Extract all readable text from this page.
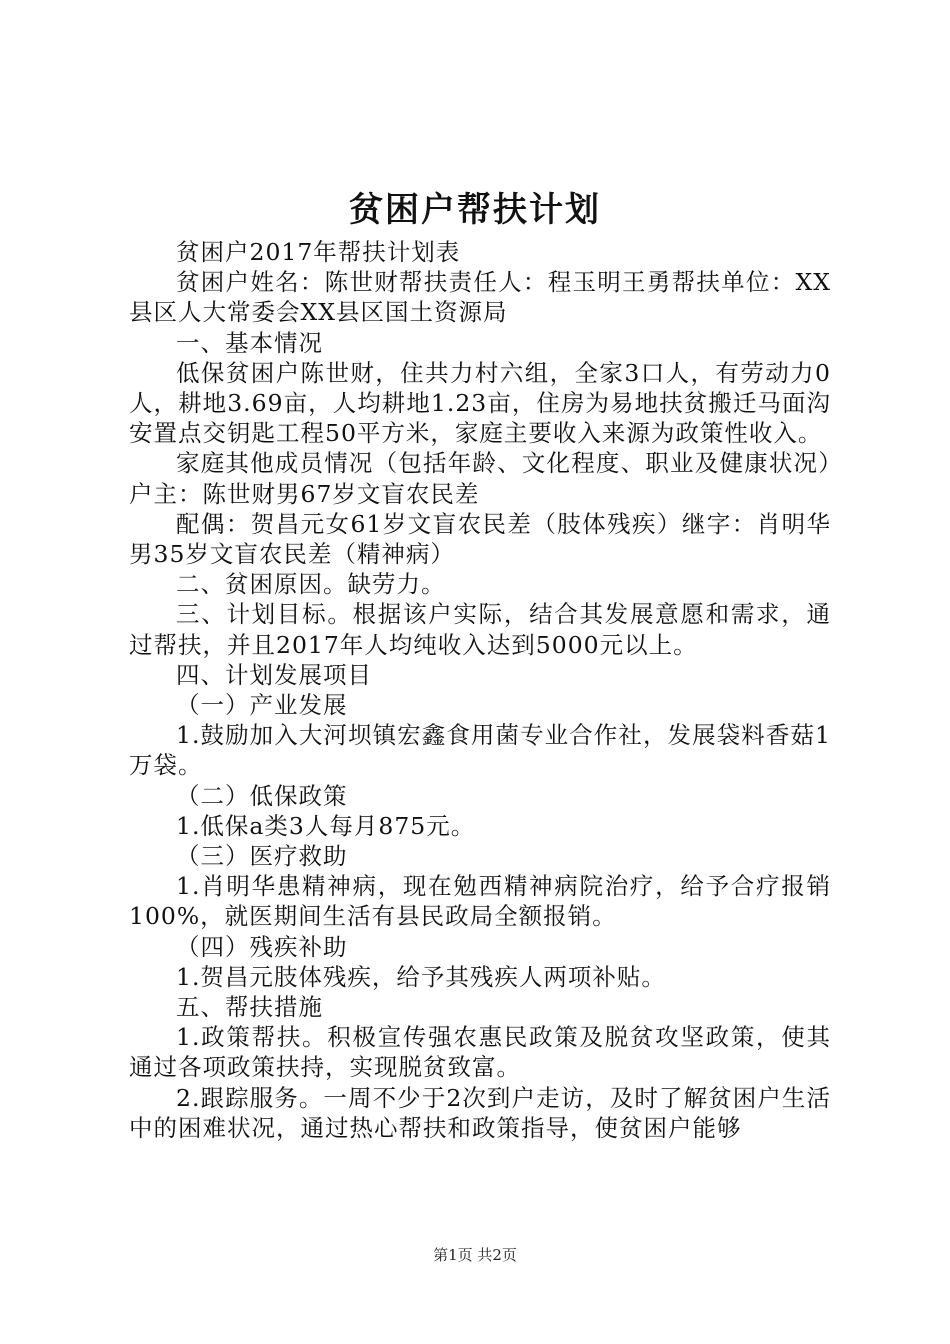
贫困户帮扶计划

贫困户2017年帮扶计划表

贫困户姓名：陈世财帮扶责任人：程玉明王勇帮扶单位：XX县区人大常委会XX县区国土资源局

一、基本情况

低保贫困户陈世财，住共力村六组，全家3口人，有劳动力0人，耕地3.69亩，人均耕地1.23亩，住房为易地扶贫搬迁马面沟安置点交钥匙工程50平方米，家庭主要收入来源为政策性收入。

家庭其他成员情况（包括年龄、文化程度、职业及健康状况）户主：陈世财男67岁文盲农民差

配偶：贺昌元女61岁文盲农民差（肢体残疾）继字：肖明华男35岁文盲农民差（精神病）

二、贫困原因。缺劳力。

三、计划目标。根据该户实际，结合其发展意愿和需求，通过帮扶，并且2017年人均纯收入达到5000元以上。

四、计划发展项目

（一）产业发展

1.鼓励加入大河坝镇宏鑫食用菌专业合作社，发展袋料香菇1万袋。

（二）低保政策

1.低保a类3人每月875元。

（三）医疗救助

1.肖明华患精神病，现在勉西精神病院治疗，给予合疗报销100%，就医期间生活有县民政局全额报销。

（四）残疾补助

1.贺昌元肢体残疾，给予其残疾人两项补贴。

五、帮扶措施

1.政策帮扶。积极宣传强农惠民政策及脱贫攻坚政策，使其通过各项政策扶持，实现脱贫致富。

2.跟踪服务。一周不少于2次到户走访，及时了解贫困户生活中的困难状况，通过热心帮扶和政策指导，使贫困户能够

第1页 共2页
